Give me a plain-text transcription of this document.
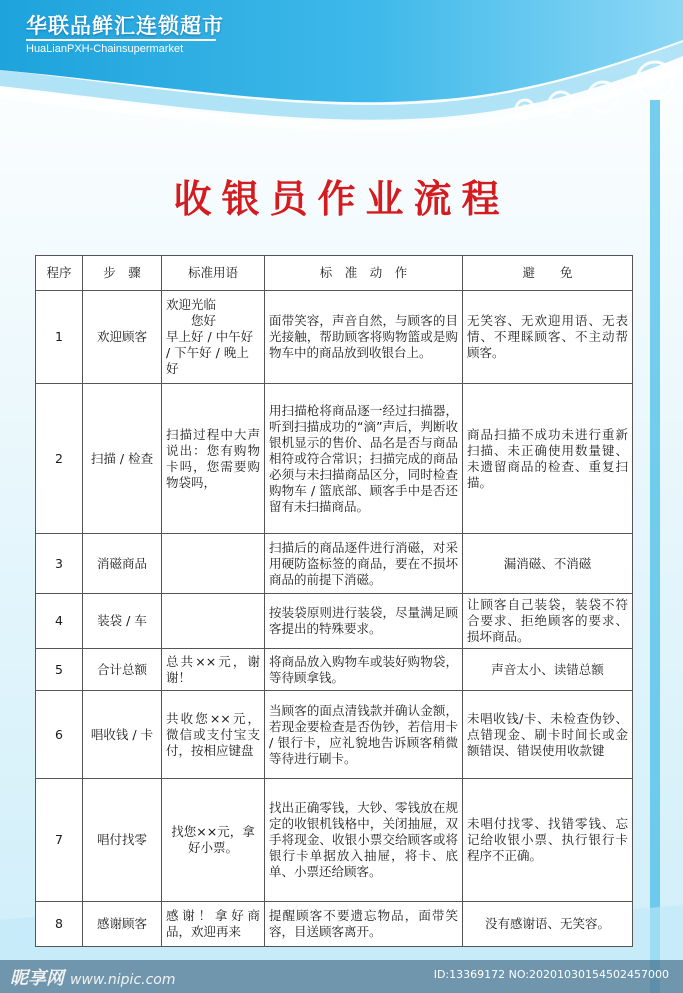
华联品鲜汇连锁超市
HuaLianPXH-Chainsupermarket
收银员作业流程
程序	步　骤	标准用语	标　准　动　作	避　　免
1	欢迎顾客	欢迎光临
　　您好
早上好 / 中午好 / 下午好 / 晚上好	面带笑容，声音自然，与顾客的目光接触，帮助顾客将购物篮或是购物车中的商品放到收银台上。	无笑容、无欢迎用语、无表情、不理睬顾客、不主动帮顾客。
2	扫描 / 检查	扫描过程中大声说出：您有购物卡吗，您需要购物袋吗，	用扫描枪将商品逐一经过扫描器，听到扫描成功的“滴”声后，判断收银机显示的售价、品名是否与商品相符或符合常识；扫描完成的商品必须与未扫描商品区分，同时检查购物车 / 篮底部、顾客手中是否还留有未扫描商品。	商品扫描不成功未进行重新扫描、未正确使用数量键、未遗留商品的检查、重复扫描。
3	消磁商品		扫描后的商品逐件进行消磁，对采用硬防盗标签的商品，要在不损坏商品的前提下消磁。	漏消磁、不消磁
4	装袋 / 车		按装袋原则进行装袋，尽量满足顾客提出的特殊要求。	让顾客自己装袋，装袋不符合要求、拒绝顾客的要求、损坏商品。
5	合计总额	总共××元，谢谢！	将商品放入购物车或装好购物袋，等待顾拿钱。	声音太小、读错总额
6	唱收钱 / 卡	共收您××元，微信或支付宝支付，按相应键盘	当顾客的面点清钱款并确认金额，若现金要检查是否伪钞，若信用卡 / 银行卡，应礼貌地告诉顾客稍微等待进行刷卡。	未唱收钱/卡、未检查伪钞、点错现金、刷卡时间长或金额错误、错误使用收款键
7	唱付找零	找您××元，拿好小票。	找出正确零钱，大钞、零钱放在规定的收银机钱格中，关闭抽屉，双手将现金、收银小票交给顾客或将银行卡单据放入抽屉，将卡、底单、小票还给顾客。	未唱付找零、找错零钱、忘记给收银小票、执行银行卡程序不正确。
8	感谢顾客	感谢！拿好商品，欢迎再来	提醒顾客不要遗忘物品，面带笑容，目送顾客离开。	没有感谢语、无笑容。
昵享网 www.nipic.com	ID:13369172 NO:20201030154502457000
